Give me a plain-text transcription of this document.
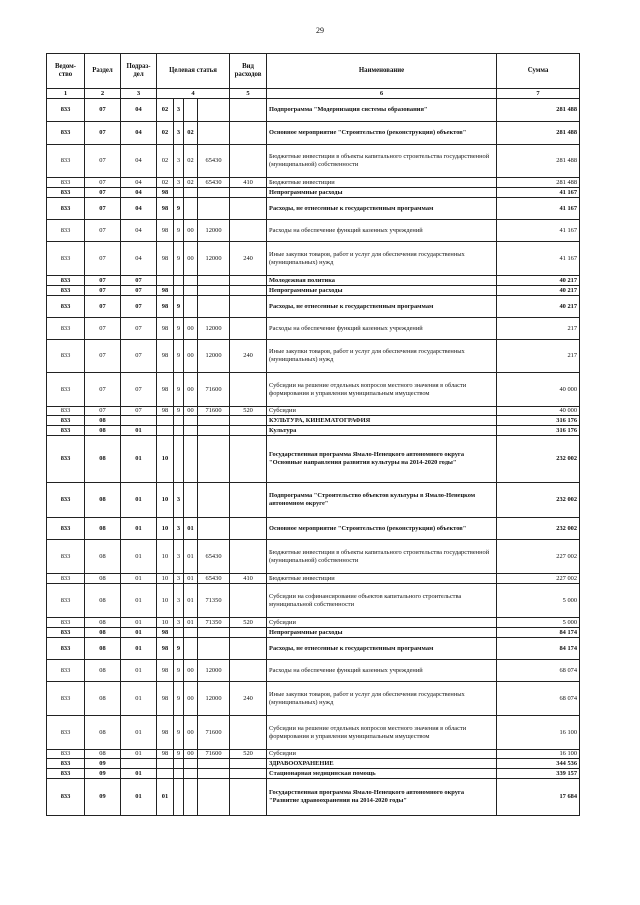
29
Ведом-ство	Раздел	Подраз-дел	Целевая статья				Вид расходов	Наименование	Сумма
1	2	3	4				5	6	7
833	07	04	02	3				Подпрограмма "Модернизация системы образования"	281 488
833	07	04	02	3	02			Основное мероприятие "Строительство (реконструкция) объектов"	281 488
833	07	04	02	3	02	65430		Бюджетные инвестиции в объекты капитального строительства государственной (муниципальной) собственности	281 488
833	07	04	02	3	02	65430	410	Бюджетные инвестиции	281 488
833	07	04	98					Непрограммные расходы	41 167
833	07	04	98	9				Расходы, не отнесенные к государственным программам	41 167
833	07	04	98	9	00	12000		Расходы на обеспечение функций казенных учреждений	41 167
833	07	04	98	9	00	12000	240	Иные закупки товаров, работ и услуг для обеспечения государственных (муниципальных) нужд	41 167
833	07	07						Молодежная политика	40 217
833	07	07	98					Непрограммные расходы	40 217
833	07	07	98	9				Расходы, не отнесенные к государственным программам	40 217
833	07	07	98	9	00	12000		Расходы на обеспечение функций казенных учреждений	217
833	07	07	98	9	00	12000	240	Иные закупки товаров, работ и услуг для обеспечения государственных (муниципальных) нужд	217
833	07	07	98	9	00	71600		Субсидии на решение отдельных вопросов местного значения в области формирования и управления муниципальным имуществом	40 000
833	07	07	98	9	00	71600	520	Субсидии	40 000
833	08							КУЛЬТУРА, КИНЕМАТОГРАФИЯ	316 176
833	08	01						Культура	316 176
833	08	01	10					Государственная программа Ямало-Ненецкого автономного округа "Основные направления развития культуры на 2014-2020 годы"	232 002
833	08	01	10	3				Подпрограмма "Строительство объектов культуры в Ямало-Ненецком автономном округе"	232 002
833	08	01	10	3	01			Основное мероприятие "Строительство (реконструкция) объектов"	232 002
833	08	01	10	3	01	65430		Бюджетные инвестиции в объекты капитального строительства государственной (муниципальной) собственности	227 002
833	08	01	10	3	01	65430	410	Бюджетные инвестиции	227 002
833	08	01	10	3	01	71350		Субсидии на софинансирование объектов капитального строительства муниципальной собственности	5 000
833	08	01	10	3	01	71350	520	Субсидии	5 000
833	08	01	98					Непрограммные расходы	84 174
833	08	01	98	9				Расходы, не отнесенные к государственным программам	84 174
833	08	01	98	9	00	12000		Расходы на обеспечение функций казенных учреждений	68 074
833	08	01	98	9	00	12000	240	Иные закупки товаров, работ и услуг для обеспечения государственных (муниципальных) нужд	68 074
833	08	01	98	9	00	71600		Субсидии на решение отдельных вопросов местного значения в области формирования и управления муниципальным имуществом	16 100
833	08	01	98	9	00	71600	520	Субсидии	16 100
833	09							ЗДРАВООХРАНЕНИЕ	344 536
833	09	01						Стационарная медицинская помощь	339 157
833	09	01	01					Государственная программа Ямало-Ненецкого автономного округа "Развитие здравоохранения на 2014-2020 годы"	17 684
